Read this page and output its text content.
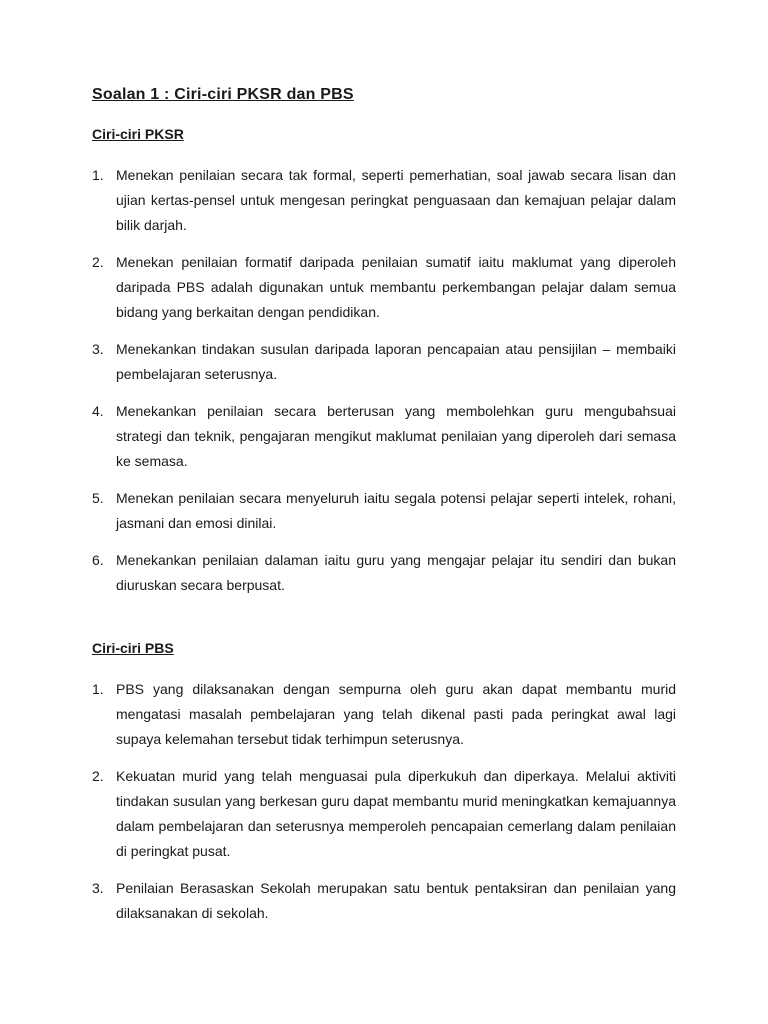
Soalan 1 : Ciri-ciri PKSR dan PBS
Ciri-ciri PKSR
1. Menekan penilaian secara tak formal, seperti pemerhatian, soal jawab secara lisan dan ujian kertas-pensel untuk mengesan peringkat penguasaan dan kemajuan pelajar dalam bilik darjah.
2. Menekan penilaian formatif daripada penilaian sumatif iaitu maklumat yang diperoleh daripada PBS adalah digunakan untuk membantu perkembangan pelajar dalam semua bidang yang berkaitan dengan pendidikan.
3. Menekankan tindakan susulan daripada laporan pencapaian atau pensijilan – membaiki pembelajaran seterusnya.
4. Menekankan penilaian secara berterusan yang membolehkan guru mengubahsuai strategi dan teknik, pengajaran mengikut maklumat penilaian yang diperoleh dari semasa ke semasa.
5. Menekan penilaian secara menyeluruh iaitu segala potensi pelajar seperti intelek, rohani, jasmani dan emosi dinilai.
6. Menekankan penilaian dalaman iaitu guru yang mengajar pelajar itu sendiri dan bukan diuruskan secara berpusat.
Ciri-ciri PBS
1. PBS yang dilaksanakan dengan sempurna oleh guru akan dapat membantu murid mengatasi masalah pembelajaran yang telah dikenal pasti pada peringkat awal lagi supaya kelemahan tersebut tidak terhimpun seterusnya.
2. Kekuatan murid yang telah menguasai pula diperkukuh dan diperkaya. Melalui aktiviti tindakan susulan yang berkesan guru dapat membantu murid meningkatkan kemajuannya dalam pembelajaran dan seterusnya memperoleh pencapaian cemerlang dalam penilaian di peringkat pusat.
3. Penilaian Berasaskan Sekolah merupakan satu bentuk pentaksiran dan penilaian yang dilaksanakan di sekolah.
